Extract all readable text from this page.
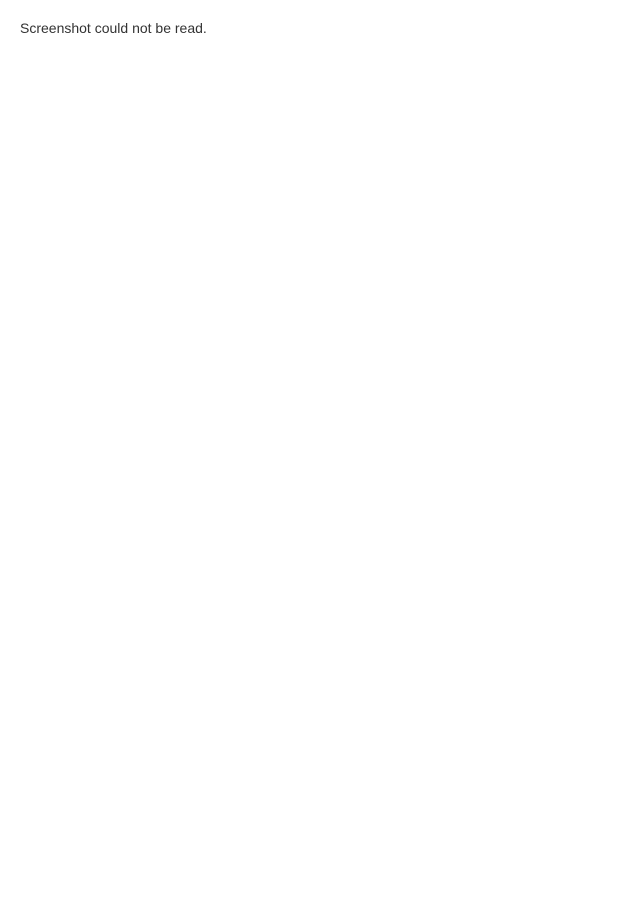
Screenshot could not be read.
